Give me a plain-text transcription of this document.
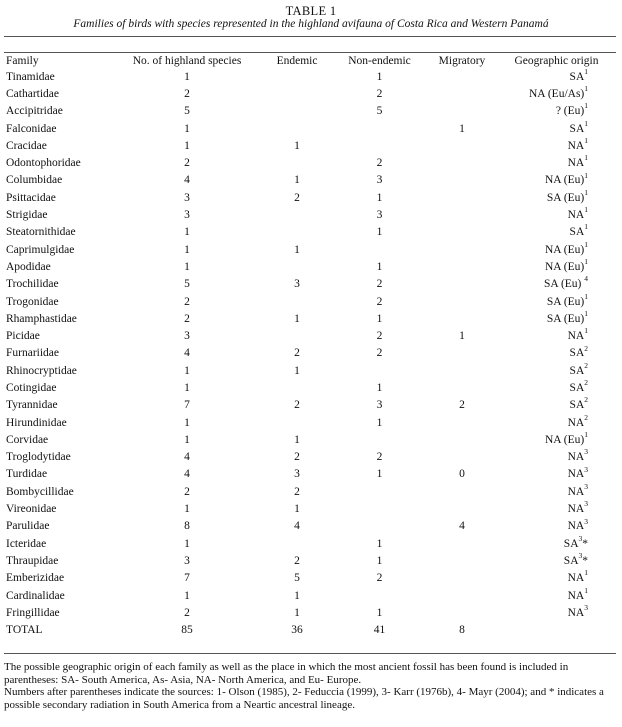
TABLE 1
Families of birds with species represented in the highland avifauna of Costa Rica and Western Panamá
Family	No. of highland species	Endemic	Non-endemic	Migratory	Geographic origin
Tinamidae	1		1		$SA^1$
Cathartidae	2		2		NA $(Eu/As)^1$
Accipitridae	5		5		? $(Eu)^1$
Falconidae	1			1	$SA^1$
Cracidae	1	1			$NA^1$
Odontophoridae	2		2		$NA^1$
Columbidae	4	1	3		NA $(Eu)^1$
Psittacidae	3	2	1		SA $(Eu)^1$
Strigidae	3		3		$NA^1$
Steatornithidae	1		1		$SA^1$
Caprimulgidae	1	1			NA $(Eu)^1$
Apodidae	1		1		NA $(Eu)^1$
Trochilidae	5	3	2		SA (Eu) $^4$
Trogonidae	2		2		SA $(Eu)^1$
Rhamphastidae	2	1	1		SA $(Eu)^1$
Picidae	3		2	1	$NA^1$
Furnariidae	4	2	2		$SA^2$
Rhinocryptidae	1	1			$SA^2$
Cotingidae	1		1		$SA^2$
Tyrannidae	7	2	3	2	$SA^2$
Hirundinidae	1		1		$NA^2$
Corvidae	1	1			NA $(Eu)^1$
Troglodytidae	4	2	2		$NA^3$
Turdidae	4	3	1	0	$NA^3$
Bombycillidae	2	2			$NA^3$
Vireonidae	1	1			$NA^3$
Parulidae	8	4		4	$NA^3$
Icteridae	1		1		$SA^3*$
Thraupidae	3	2	1		$SA^3*$
Emberizidae	7	5	2		$NA^1$
Cardinalidae	1	1			$NA^1$
Fringillidae	2	1	1		$NA^3$
TOTAL	85	36	41	8	

The possible geographic origin of each family as well as the place in which the most ancient fossil has been found is included in parentheses: SA- South America, As- Asia, NA- North America, and Eu- Europe.

Numbers after parentheses indicate the sources: 1- Olson (1985), 2- Feduccia (1999), 3- Karr (1976b), 4- Mayr (2004); and * indicates a possible secondary radiation in South America from a Neartic ancestral lineage.
